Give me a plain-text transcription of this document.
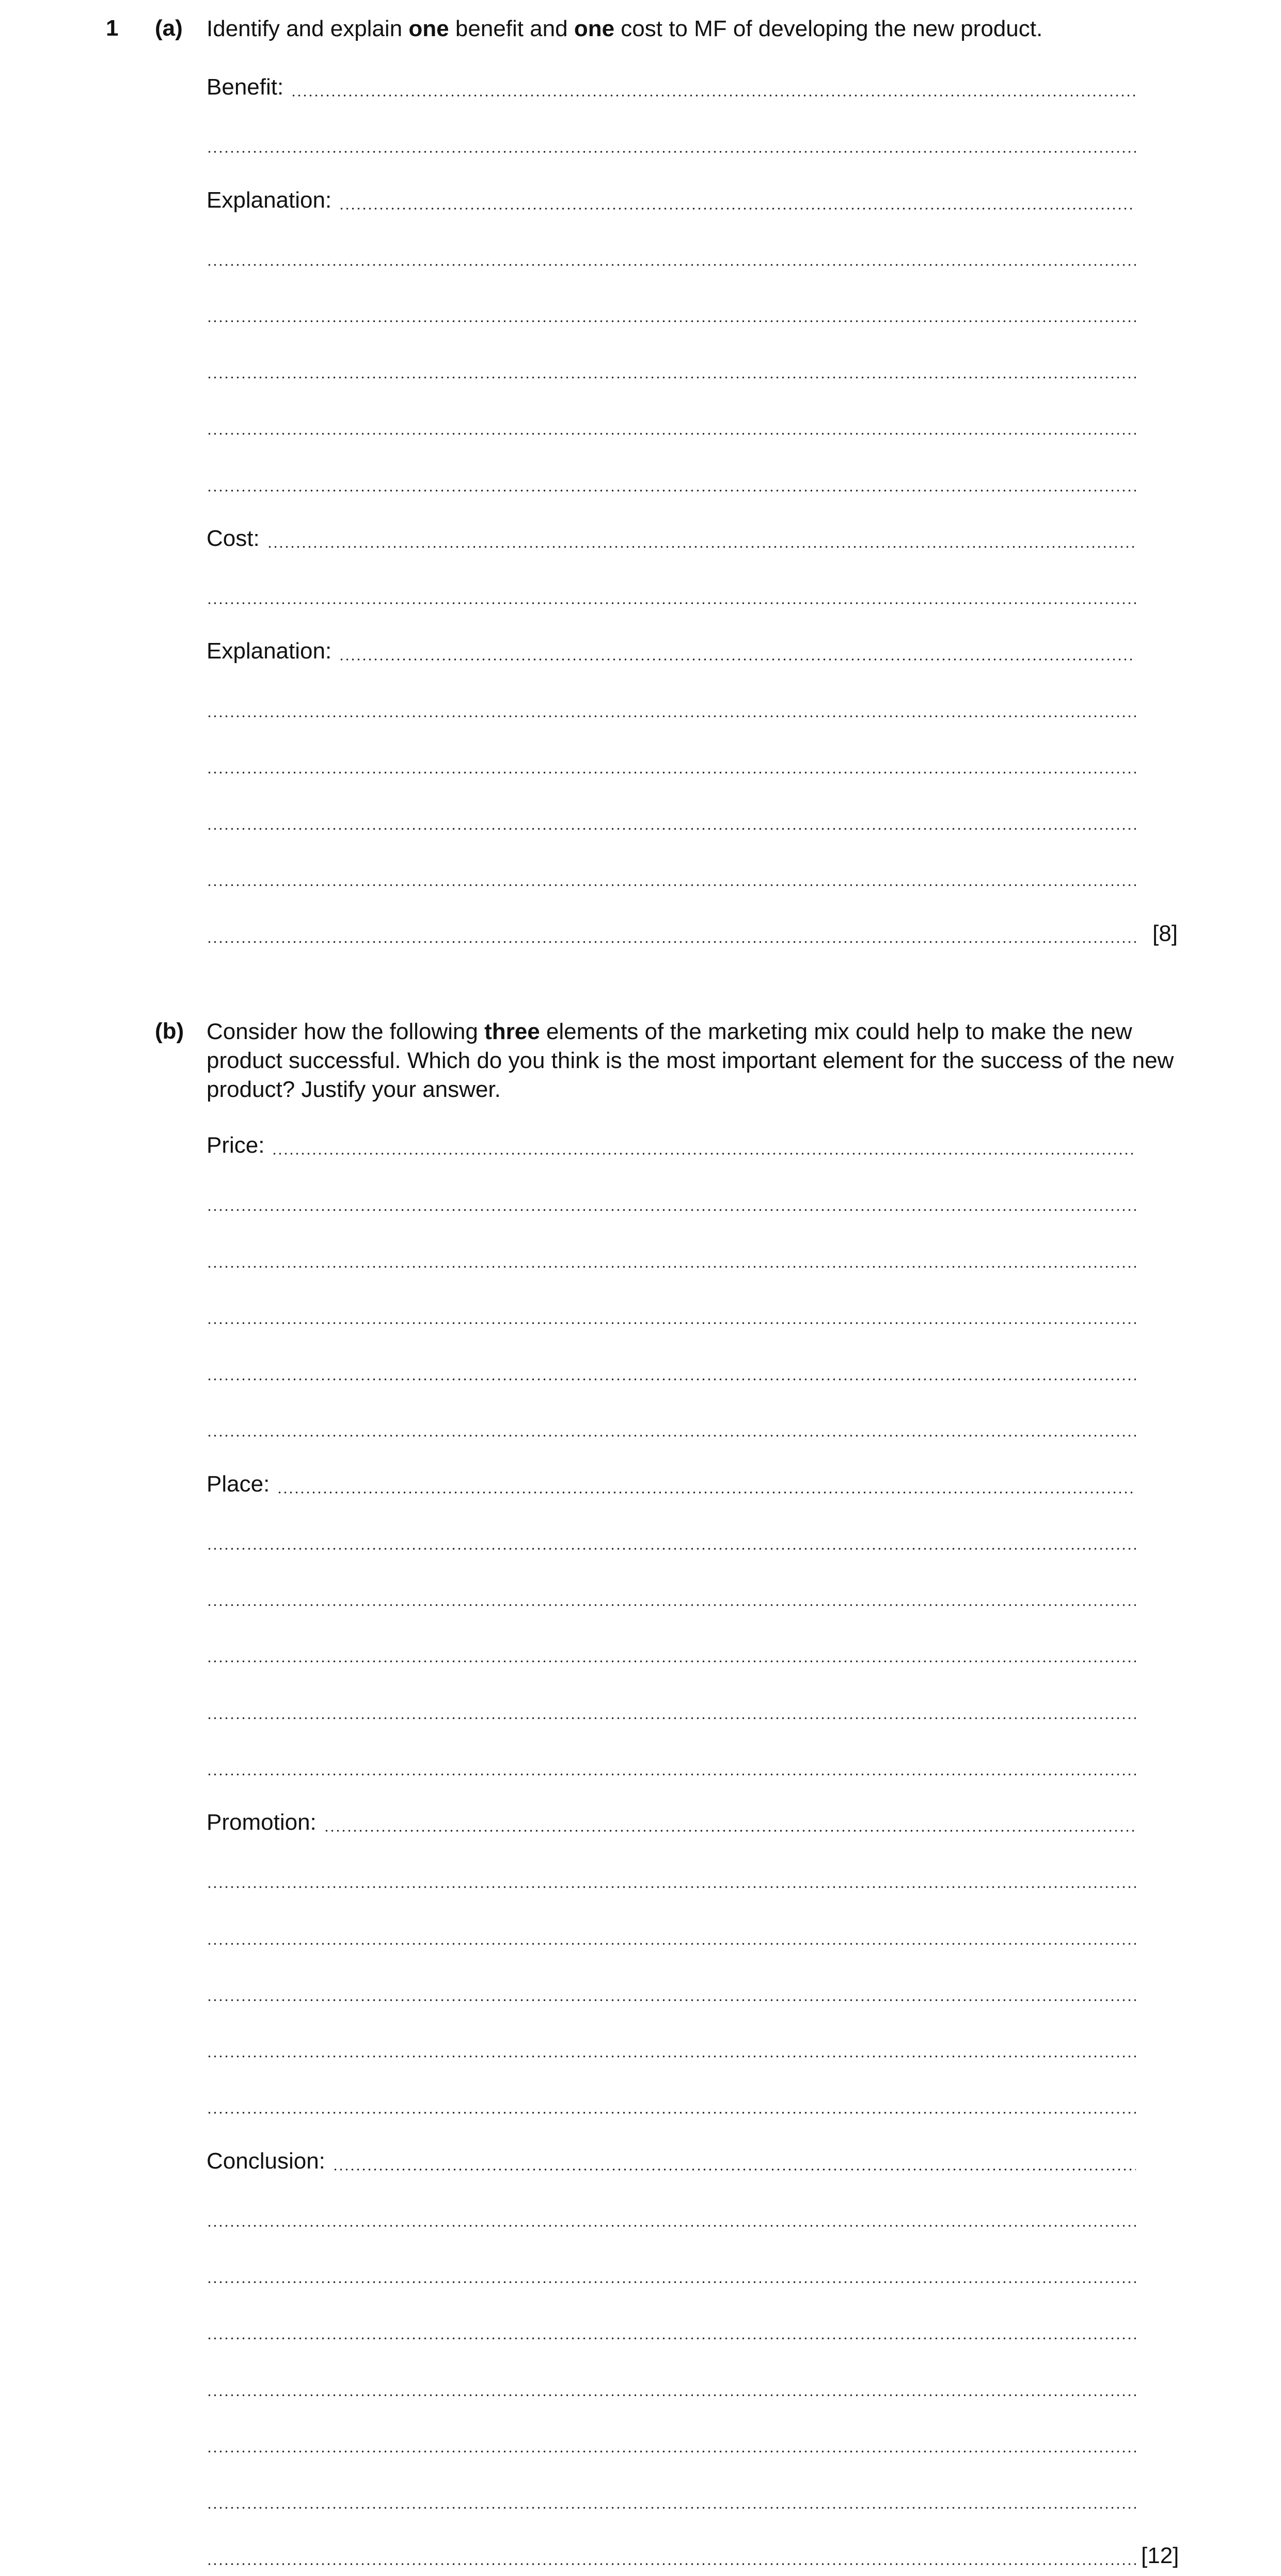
1 (a) Identify and explain one benefit and one cost to MF of developing the new product.
Benefit:
Explanation:
Cost:
Explanation:
[8]
(b) Consider how the following three elements of the marketing mix could help to make the new product successful. Which do you think is the most important element for the success of the new product? Justify your answer.
Price:
Place:
Promotion:
Conclusion:
[12]
